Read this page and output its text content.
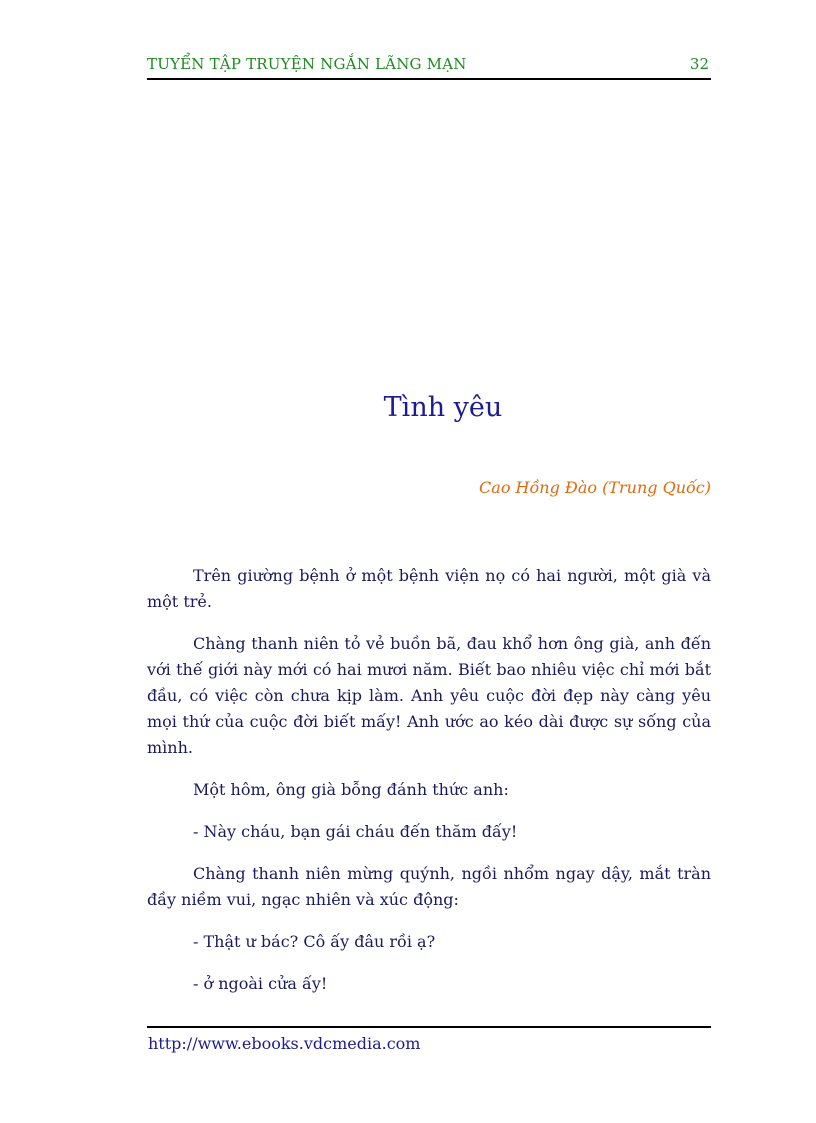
TUYỂN TẬP TRUYỆN NGẮN LÃNG MẠN	32
Tình yêu
Cao Hồng Đào (Trung Quốc)

Trên giường bệnh ở một bệnh viện nọ có hai người, một già và một trẻ.

Chàng thanh niên tỏ vẻ buồn bã, đau khổ hơn ông già, anh đến với thế giới này mới có hai mươi năm. Biết bao nhiêu việc chỉ mới bắt đầu, có việc còn chưa kịp làm. Anh yêu cuộc đời đẹp này càng yêu mọi thứ của cuộc đời biết mấy! Anh ước ao kéo dài được sự sống của mình.

Một hôm, ông già bỗng đánh thức anh:

- Này cháu, bạn gái cháu đến thăm đấy!

Chàng thanh niên mừng quýnh, ngồi nhổm ngay dậy, mắt tràn đầy niềm vui, ngạc nhiên và xúc động:

- Thật ư bác? Cô ấy đâu rồi ạ?

- ở ngoài cửa ấy!

http://www.ebooks.vdcmedia.com
